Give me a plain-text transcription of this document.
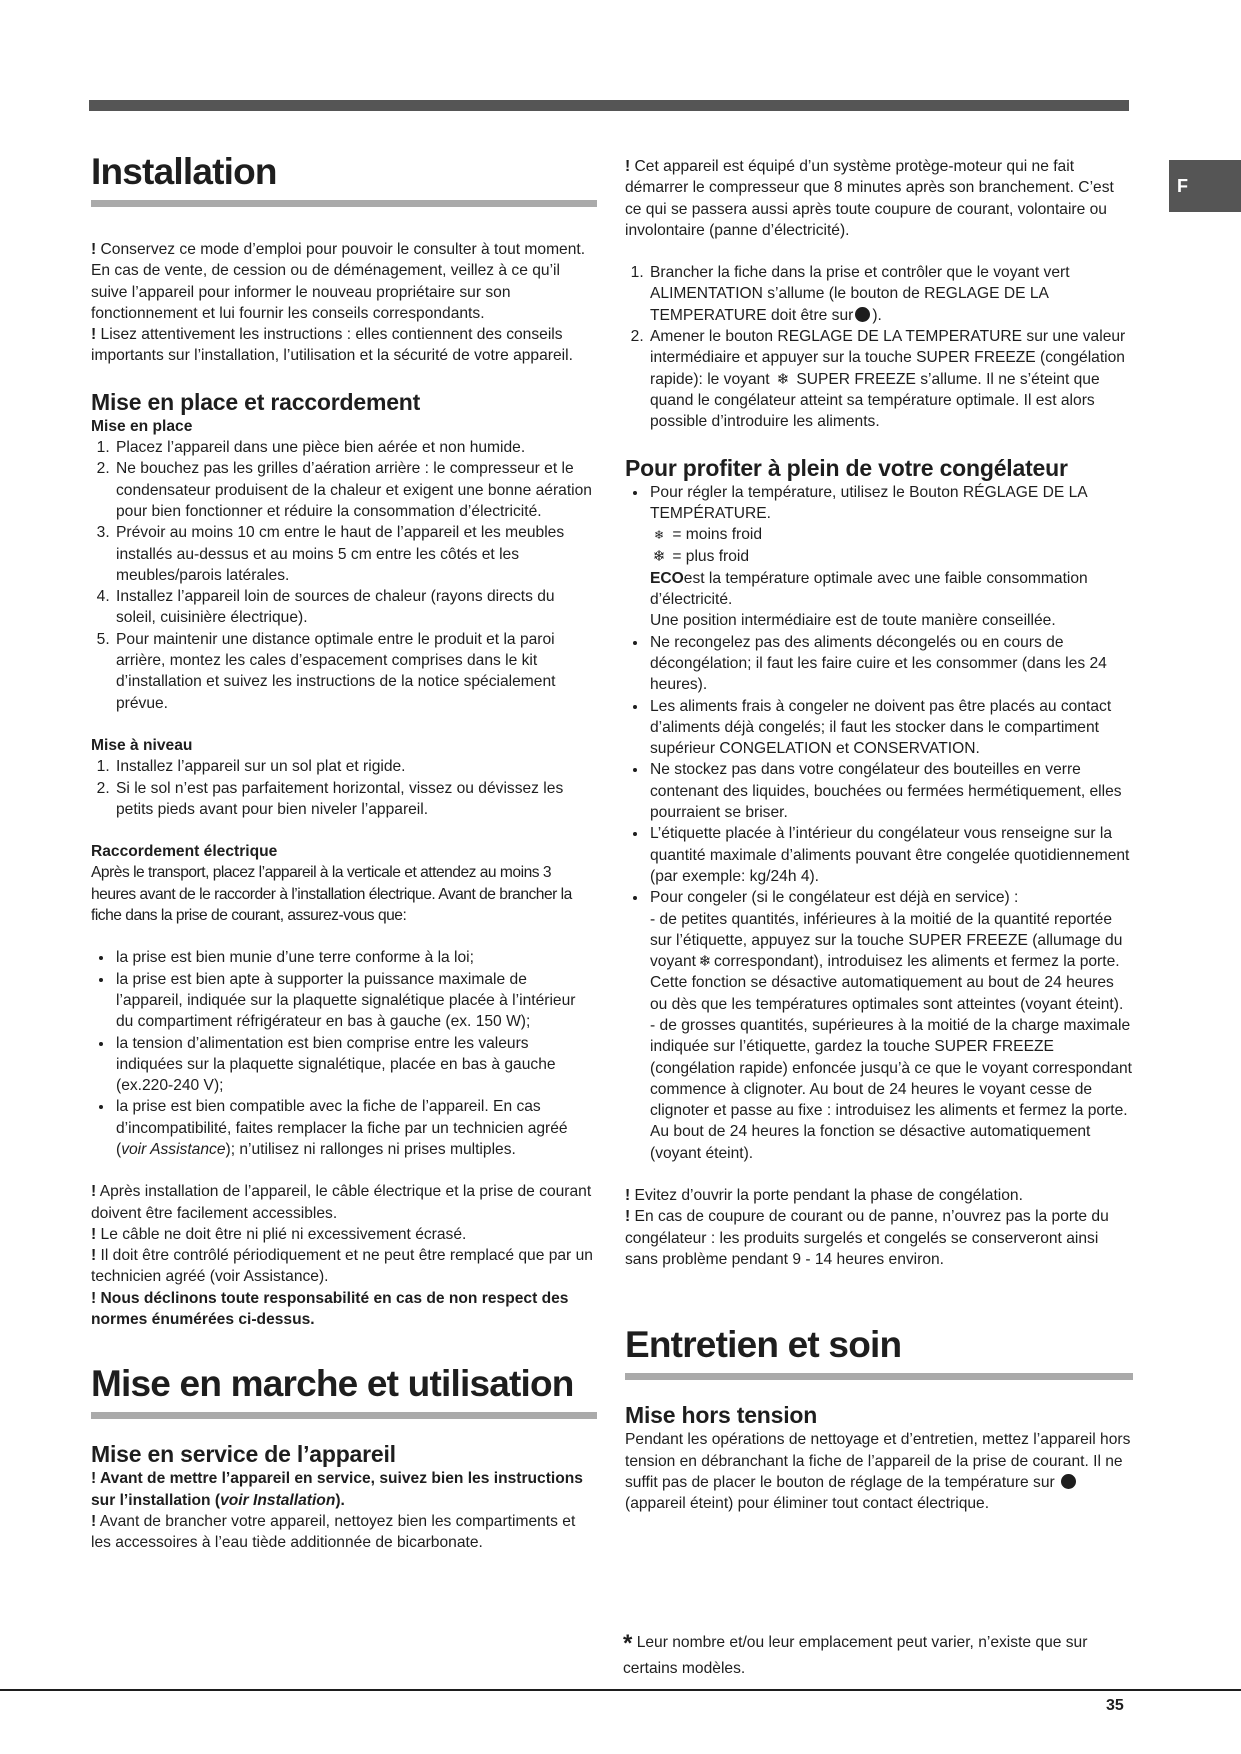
F
Installation

! Conservez ce mode d’emploi pour pouvoir le consulter à tout moment. En cas de vente, de cession ou de déménagement, veillez à ce qu’il suive l’appareil pour informer le nouveau propriétaire sur son fonctionnement et lui fournir les conseils correspondants.

! Lisez attentivement les instructions : elles contiennent des conseils importants sur l’installation, l’utilisation et la sécurité de votre appareil.

Mise en place et raccordement

Mise en place

1. Placez l’appareil dans une pièce bien aérée et non humide.
2. Ne bouchez pas les grilles d’aération arrière : le compresseur et le condensateur produisent de la chaleur et exigent une bonne aération pour bien fonctionner et réduire la consommation d’électricité.
3. Prévoir au moins 10 cm entre le haut de l’appareil et les meubles installés au-dessus et au moins 5 cm entre les côtés et les meubles/parois latérales.
4. Installez l’appareil loin de sources de chaleur (rayons directs du soleil, cuisinière électrique).
5. Pour maintenir une distance optimale entre le produit et la paroi arrière, montez les cales d’espacement comprises dans le kit d’installation et suivez les instructions de la notice spécialement prévue.

Mise à niveau

1. Installez l’appareil sur un sol plat et rigide.
2. Si le sol n’est pas parfaitement horizontal, vissez ou dévissez les petits pieds avant pour bien niveler l’appareil.

Raccordement électrique

Après le transport, placez l’appareil à la verticale et attendez au moins 3 heures avant de le raccorder à l’installation électrique. Avant de brancher la fiche dans la prise de courant, assurez-vous que:

• la prise est bien munie d’une terre conforme à la loi;
• la prise est bien apte à supporter la puissance maximale de l’appareil, indiquée sur la plaquette signalétique placée à l’intérieur du compartiment réfrigérateur en bas à gauche (ex. 150 W);
• la tension d’alimentation est bien comprise entre les valeurs indiquées sur la plaquette signalétique, placée en bas à gauche (ex.220-240 V);
• la prise est bien compatible avec la fiche de l’appareil. En cas d’incompatibilité, faites remplacer la fiche par un technicien agréé (voir Assistance); n’utilisez ni rallonges ni prises multiples.

! Après installation de l’appareil, le câble électrique et la prise de courant doivent être facilement accessibles.

! Le câble ne doit être ni plié ni excessivement écrasé.

! Il doit être contrôlé périodiquement et ne peut être remplacé que par un technicien agréé (voir Assistance).

! Nous déclinons toute responsabilité en cas de non respect des normes énumérées ci-dessus.

Mise en marche et utilisation
Mise en service de l’appareil

! Avant de mettre l’appareil en service, suivez bien les instructions sur l’installation (voir Installation).

! Avant de brancher votre appareil, nettoyez bien les compartiments et les accessoires à l’eau tiède additionnée de bicarbonate.

! Cet appareil est équipé d’un système protège-moteur qui ne fait démarrer le compresseur que 8 minutes après son branchement. C’est ce qui se passera aussi après toute coupure de courant, volontaire ou involontaire (panne d’électricité).

1. Brancher la fiche dans la prise et contrôler que le voyant vert ALIMENTATION s’allume (le bouton de REGLAGE DE LA TEMPERATURE doit être sur ).
2. Amener le bouton REGLAGE DE LA TEMPERATURE sur une valeur intermédiaire et appuyer sur la touche SUPER FREEZE (congélation rapide): le voyant ❄ SUPER FREEZE s’allume. Il ne s’éteint que quand le congélateur atteint sa température optimale. Il est alors possible d’introduire les aliments.
Pour profiter à plein de votre congélateur
• Pour régler la température, utilisez le Bouton RÉGLAGE DE LA TEMPÉRATURE.
❄ = moins froid
❄ = plus froid
ECOest la température optimale avec une faible consommation d’électricité.
Une position intermédiaire est de toute manière conseillée.
• Ne recongelez pas des aliments décongelés ou en cours de décongélation; il faut les faire cuire et les consommer (dans les 24 heures).
• Les aliments frais à congeler ne doivent pas être placés au contact d’aliments déjà congelés; il faut les stocker dans le compartiment supérieur CONGELATION et CONSERVATION.
• Ne stockez pas dans votre congélateur des bouteilles en verre contenant des liquides, bouchées ou fermées hermétiquement, elles pourraient se briser.
• L’étiquette placée à l’intérieur du congélateur vous renseigne sur la quantité maximale d’aliments pouvant être congelée quotidiennement (par exemple: kg/24h 4).
• Pour congeler (si le congélateur est déjà en service) :
- de petites quantités, inférieures à la moitié de la quantité reportée sur l’étiquette, appuyez sur la touche SUPER FREEZE (allumage du voyant ❄ correspondant), introduisez les aliments et fermez la porte. Cette fonction se désactive automatiquement au bout de 24 heures ou dès que les températures optimales sont atteintes (voyant éteint).
- de grosses quantités, supérieures à la moitié de la charge maximale indiquée sur l’étiquette, gardez la touche SUPER FREEZE (congélation rapide) enfoncée jusqu’à ce que le voyant correspondant commence à clignoter. Au bout de 24 heures le voyant cesse de clignoter et passe au fixe : introduisez les aliments et fermez la porte. Au bout de 24 heures la fonction se désactive automatiquement (voyant éteint).

! Evitez d’ouvrir la porte pendant la phase de congélation.

! En cas de coupure de courant ou de panne, n’ouvrez pas la porte du congélateur : les produits surgelés et congelés se conserveront ainsi sans problème pendant 9 - 14 heures environ.

Entretien et soin
Mise hors tension

Pendant les opérations de nettoyage et d’entretien, mettez l’appareil hors tension en débranchant la fiche de l’appareil de la prise de courant. Il ne suffit pas de placer le bouton de réglage de la température sur (appareil éteint) pour éliminer tout contact électrique.

* Leur nombre et/ou leur emplacement peut varier, n’existe que sur certains modèles.
35
